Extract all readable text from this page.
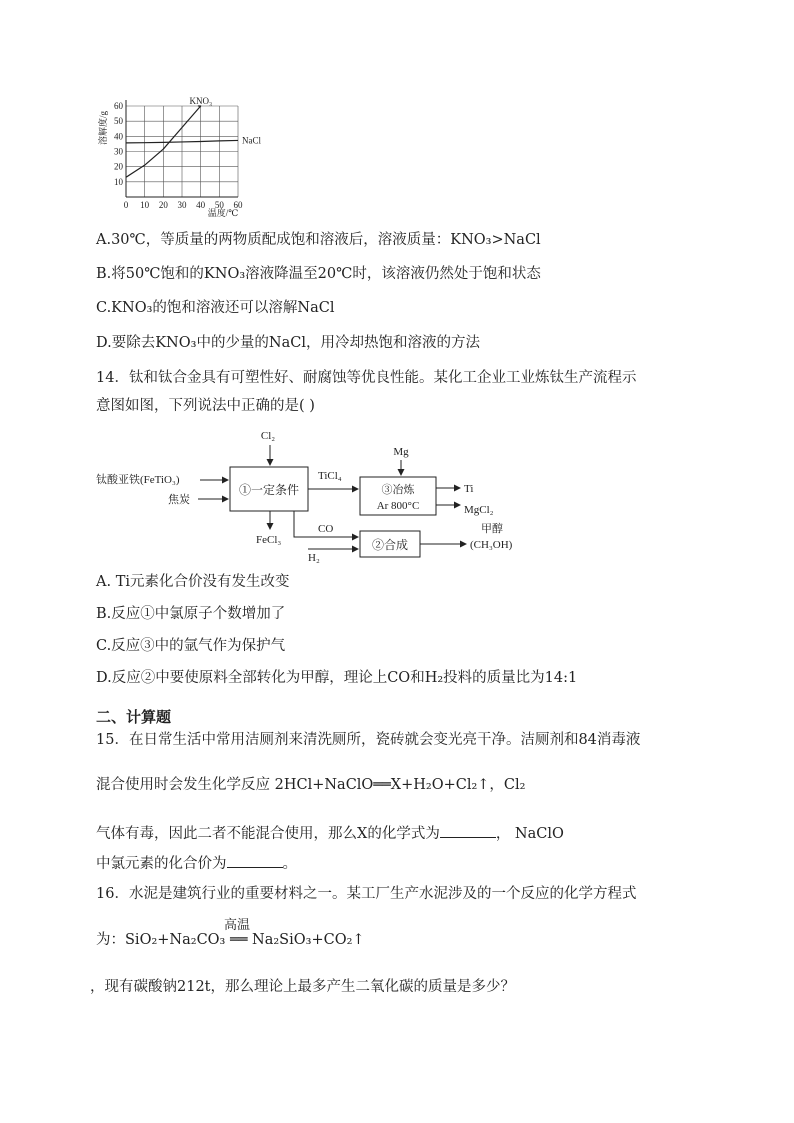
0 10 20 30 40 50 60
10
20
30
40
50
60	KNO₃
NaCl
溶解度/g
温度/℃
A.30℃，等质量的两物质配成饱和溶液后，溶液质量：KNO₃>NaCl
B.将50℃饱和的KNO₃溶液降温至20℃时，该溶液仍然处于饱和状态
C.KNO₃的饱和溶液还可以溶解NaCl
D.要除去KNO₃中的少量的NaCl，用冷却热饱和溶液的方法
14．钛和钛合金具有可塑性好、耐腐蚀等优良性能。某化工企业工业炼钛生产流程示
意图如图，下列说法中正确的是( )
Cl₂
钛酸亚铁(FeTiO₃)
焦炭
①一定条件
TiCl₄
Mg
③冶炼
Ar 800°C
Ti
MgCl₂
FeCl₃
CO
H₂
②合成
甲醇
(CH₃OH)
A. Ti元素化合价没有发生改变
B.反应①中氯原子个数增加了
C.反应③中的氩气作为保护气
D.反应②中要使原料全部转化为甲醇，理论上CO和H₂投料的质量比为14:1
二、计算题
15．在日常生活中常用洁厕剂来清洗厕所，瓷砖就会变光亮干净。洁厕剂和84消毒液
混合使用时会发生化学反应 2HCl+NaClO══X+H₂O+Cl₂↑，Cl₂
气体有毒，因此二者不能混合使用，那么X的化学式为	， NaClO
中氯元素的化合价为	。
16．水泥是建筑行业的重要材料之一。某工厂生产水泥涉及的一个反应的化学方程式
高温
为：SiO₂+Na₂CO₃ ══ Na₂SiO₃+CO₂↑
，现有碳酸钠212t，那么理论上最多产生二氧化碳的质量是多少？
